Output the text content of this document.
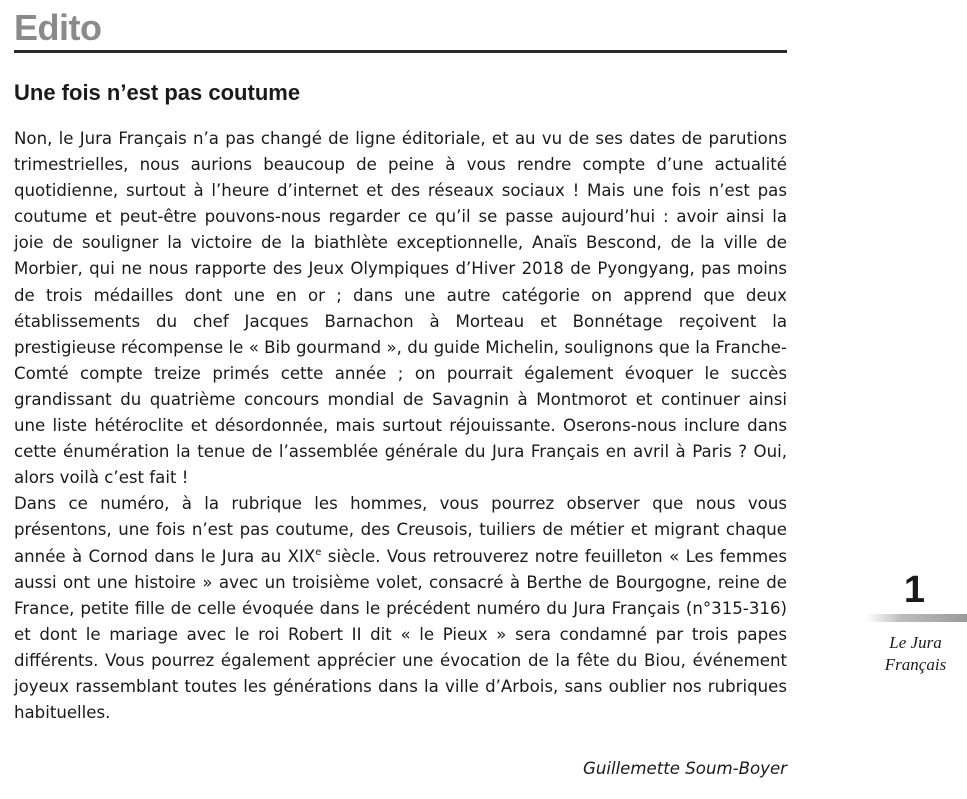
Edito
Une fois n’est pas coutume

Non, le Jura Français n’a pas changé de ligne éditoriale, et au vu de ses dates de parutions trimestrielles, nous aurions beaucoup de peine à vous rendre compte d’une actualité quotidienne, surtout à l’heure d’internet et des réseaux sociaux ! Mais une fois n’est pas coutume et peut-être pouvons-nous regarder ce qu’il se passe aujourd’hui : avoir ainsi la joie de souligner la victoire de la biathlète exceptionnelle, Anaïs Bescond, de la ville de Morbier, qui ne nous rapporte des Jeux Olympiques d’Hiver 2018 de Pyongyang, pas moins de trois médailles dont une en or ; dans une autre catégorie on apprend que deux établissements du chef Jacques Barnachon à Morteau et Bonnétage reçoivent la prestigieuse récompense le « Bib gourmand », du guide Michelin, soulignons que la Franche-Comté compte treize primés cette année ; on pourrait également évoquer le succès grandissant du quatrième concours mondial de Savagnin à Montmorot et continuer ainsi une liste hétéroclite et désordonnée, mais surtout réjouissante. Oserons-nous inclure dans cette énumération la tenue de l’assemblée générale du Jura Français en avril à Paris ? Oui, alors voilà c’est fait !

Dans ce numéro, à la rubrique les hommes, vous pourrez observer que nous vous présentons, une fois n’est pas coutume, des Creusois, tuiliers de métier et migrant chaque année à Cornod dans le Jura au XIXe siècle. Vous retrouverez notre feuilleton « Les femmes aussi ont une histoire » avec un troisième volet, consacré à Berthe de Bourgogne, reine de France, petite fille de celle évoquée dans le précédent numéro du Jura Français (n°315-316) et dont le mariage avec le roi Robert II dit « le Pieux » sera condamné par trois papes différents. Vous pourrez également apprécier une évocation de la fête du Biou, événement joyeux rassemblant toutes les générations dans la ville d’Arbois, sans oublier nos rubriques habituelles.

Guillemette Soum-Boyer
1
Le Jura
Français
